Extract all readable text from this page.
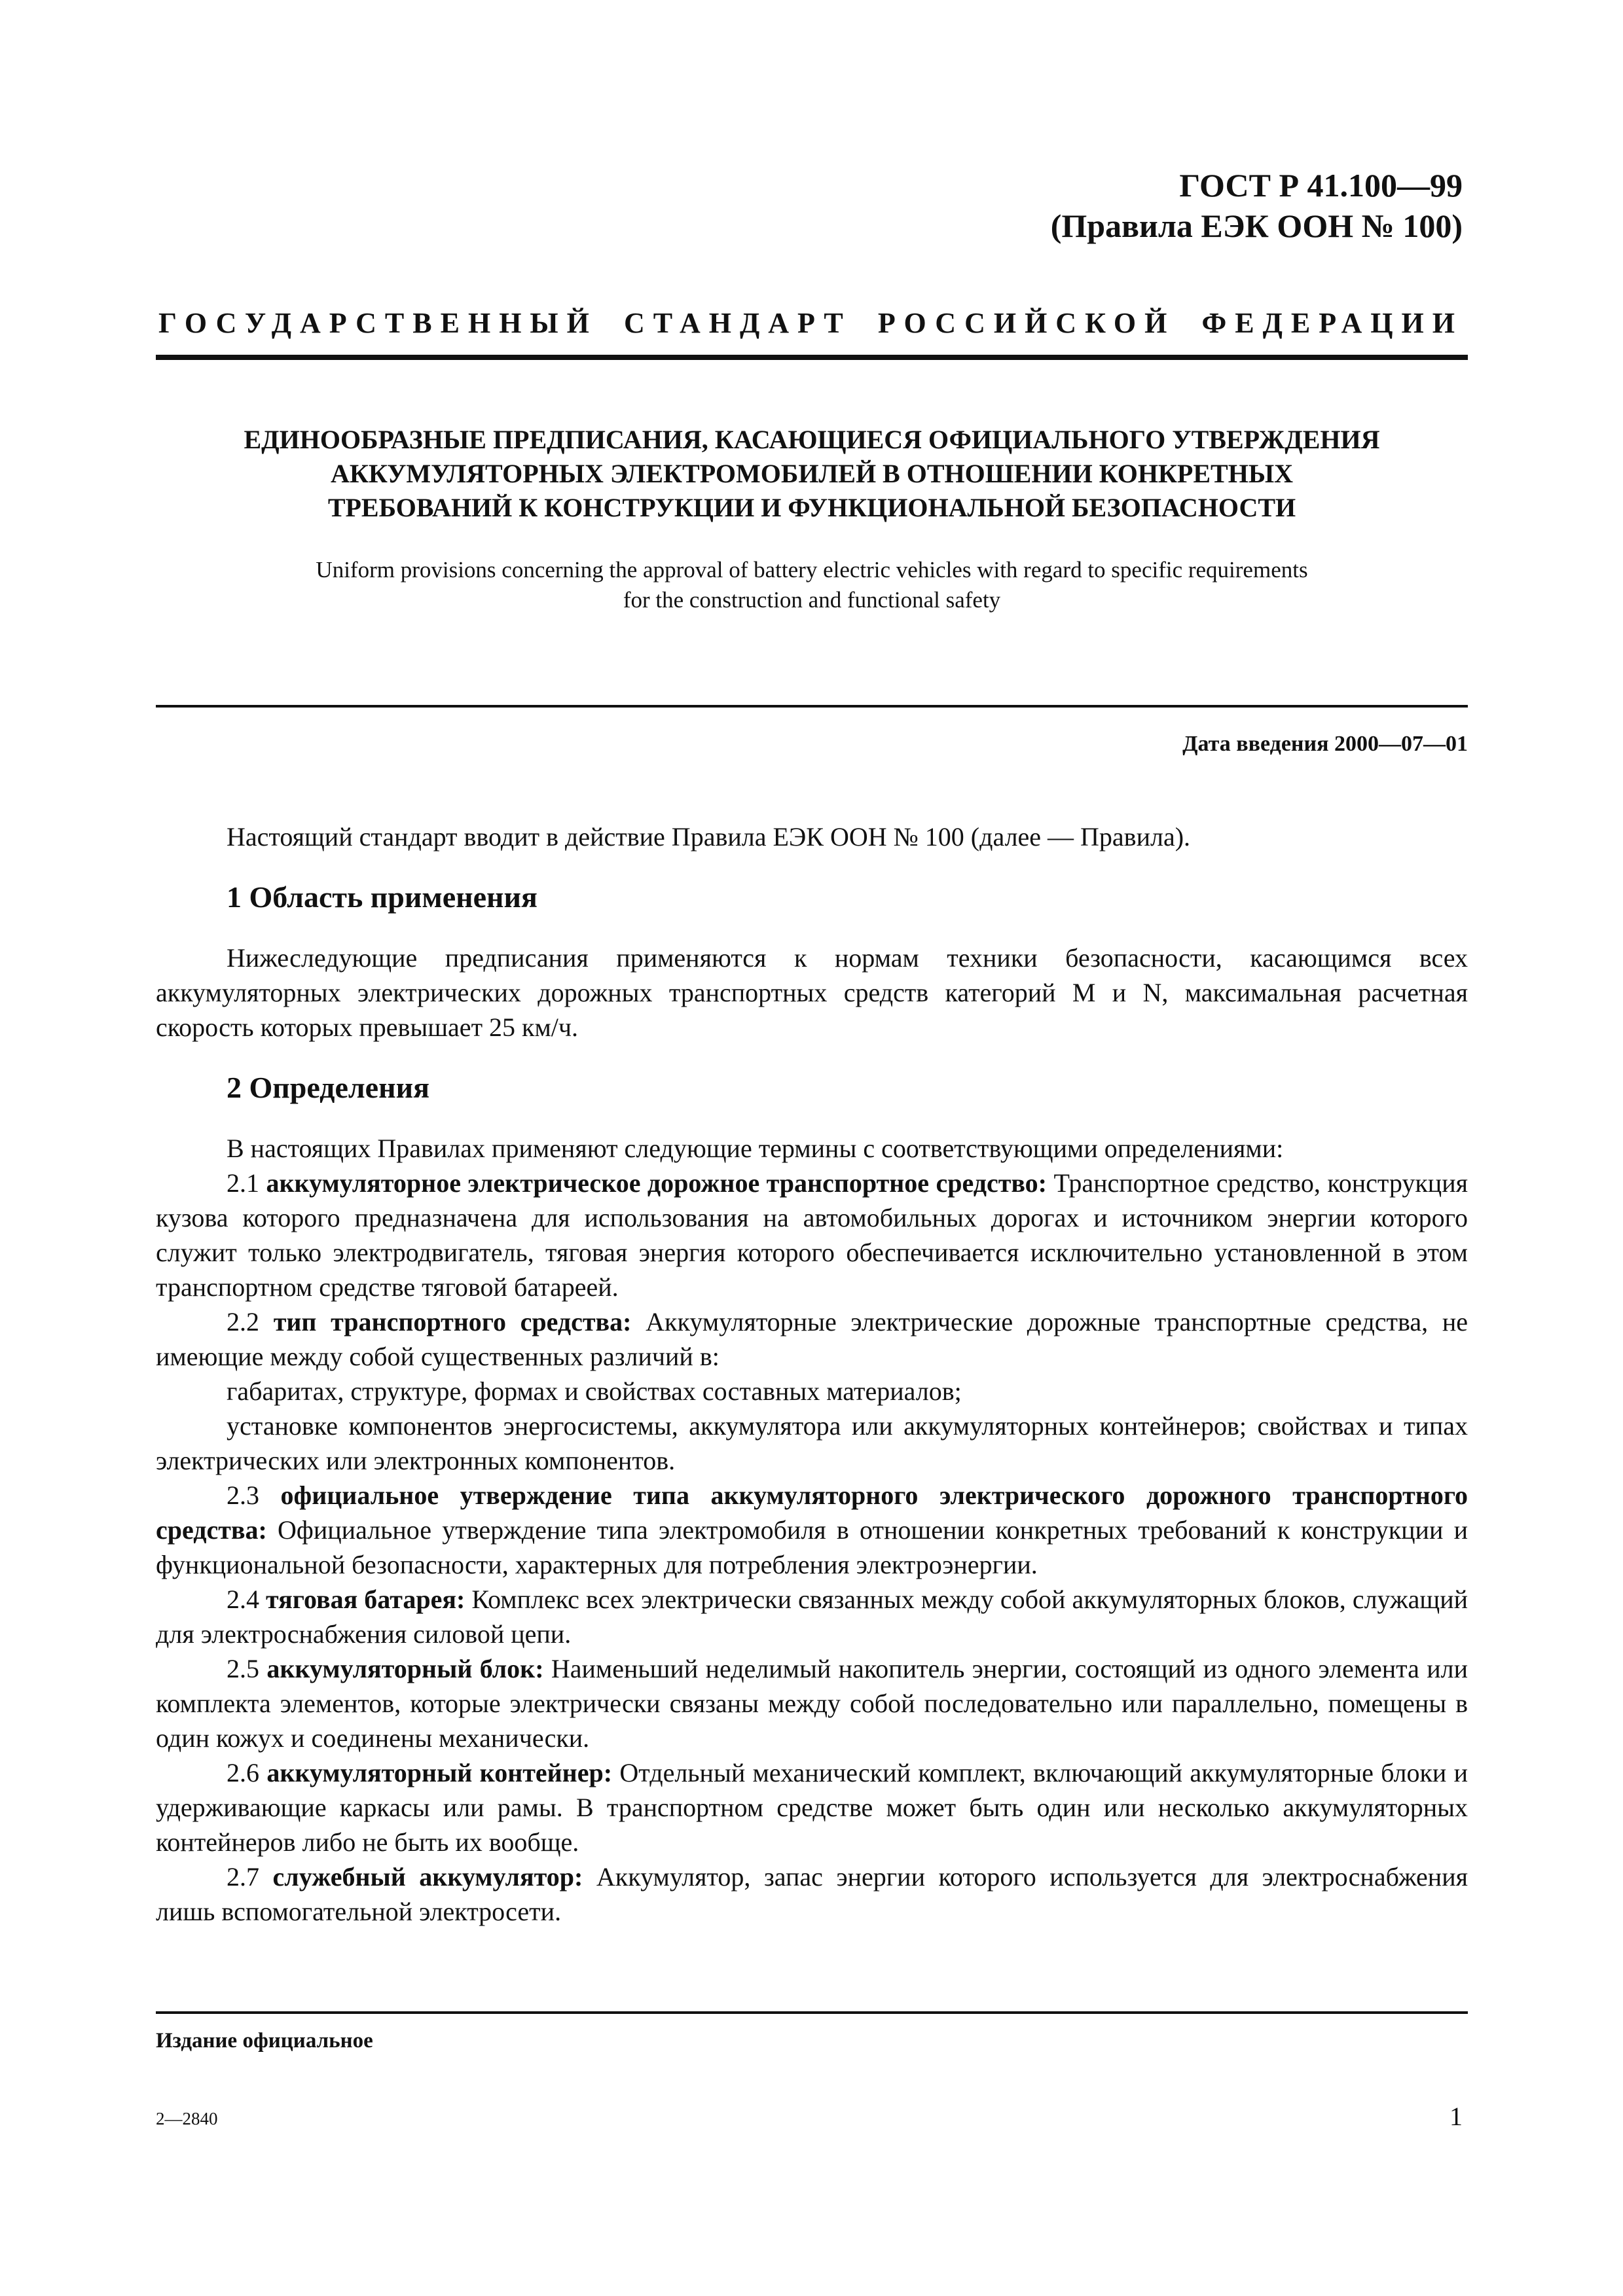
ГОСТ Р 41.100—99
(Правила ЕЭК ООН № 100)
ГОСУДАРСТВЕННЫЙ СТАНДАРТ РОССИЙСКОЙ ФЕДЕРАЦИИ
ЕДИНООБРАЗНЫЕ ПРЕДПИСАНИЯ, КАСАЮЩИЕСЯ ОФИЦИАЛЬНОГО УТВЕРЖДЕНИЯ
АККУМУЛЯТОРНЫХ ЭЛЕКТРОМОБИЛЕЙ В ОТНОШЕНИИ КОНКРЕТНЫХ
ТРЕБОВАНИЙ К КОНСТРУКЦИИ И ФУНКЦИОНАЛЬНОЙ БЕЗОПАСНОСТИ
Uniform provisions concerning the approval of battery electric vehicles with regard to specific requirements
for the construction and functional safety
Дата введения 2000—07—01

Настоящий стандарт вводит в действие Правила ЕЭК ООН № 100 (далее — Правила).

1 Область применения

Нижеследующие предписания применяются к нормам техники безопасности, касающимся всех аккумуляторных электрических дорожных транспортных средств категорий M и N, максимальная расчетная скорость которых превышает 25 км/ч.

2 Определения

В настоящих Правилах применяют следующие термины с соответствующими определениями:

2.1 аккумуляторное электрическое дорожное транспортное средство: Транспортное средство, конструкция кузова которого предназначена для использования на автомобильных дорогах и источником энергии которого служит только электродвигатель, тяговая энергия которого обеспечивается исключительно установленной в этом транспортном средстве тяговой батареей.

2.2 тип транспортного средства: Аккумуляторные электрические дорожные транспортные средства, не имеющие между собой существенных различий в:

габаритах, структуре, формах и свойствах составных материалов;

установке компонентов энергосистемы, аккумулятора или аккумуляторных контейнеров; свойствах и типах электрических или электронных компонентов.

2.3 официальное утверждение типа аккумуляторного электрического дорожного транспортного средства: Официальное утверждение типа электромобиля в отношении конкретных требований к конструкции и функциональной безопасности, характерных для потребления электроэнергии.

2.4 тяговая батарея: Комплекс всех электрически связанных между собой аккумуляторных блоков, служащий для электроснабжения силовой цепи.

2.5 аккумуляторный блок: Наименьший неделимый накопитель энергии, состоящий из одного элемента или комплекта элементов, которые электрически связаны между собой последовательно или параллельно, помещены в один кожух и соединены механически.

2.6 аккумуляторный контейнер: Отдельный механический комплект, включающий аккумуляторные блоки и удерживающие каркасы или рамы. В транспортном средстве может быть один или несколько аккумуляторных контейнеров либо не быть их вообще.

2.7 служебный аккумулятор: Аккумулятор, запас энергии которого используется для электроснабжения лишь вспомогательной электросети.

Издание официальное
2—2840	1
